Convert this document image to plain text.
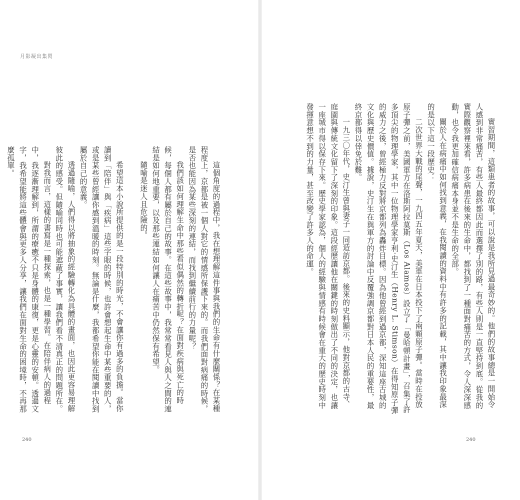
月影凝出集閃

實習期間，這類患者的故事，可以說是我所見過最奇妙的。他們的故事總是一開始令人感到非常痛苦，有些人最終都因此而選擇了別的路，有些人則是一直堅持到底。從我的實際觀察裡來看，許多病患在後來的生命中，都找到了一種面對痛苦的方式，令人深深感動，也令我更加確信病痛本身並不是生命的全部。

關於人在病痛中如何找到意義，在我閱讀的資料中有許多的記載，其中讓我印象最深的是以下這一段歷史：

二次世界大戰的尾聲，一九四五年夏天，美軍在日本投下了兩顆原子彈。當時在投放原子彈之前，美國軍方在洛斯阿拉莫斯（Los Alamos）設立了「曼哈頓計畫」，召集了許多頂尖的物理學家，其中一位物理學家亨利·史汀生（Henry L. Stimson）在得知原子彈的威力之後，曾經極力反對將京都列為轟炸目標。因為他曾經到過京都，深知這座古城的文化與歷史價值。據說，史汀生在與軍方的討論中反覆強調京都對日本人民的重要性，最終京都得以倖免於難。

一九三〇年代，史汀生曾與妻子一同造訪京都。後來的史料顯示，他對京都的古寺、庭園與傳統文化留下了深刻的印象。這段經歷讓他在關鍵的時刻做出了不同的決定，也讓一座城市得以保存下來。歷史學家認為，個人的經驗與情感有時候會在重大的歷史時刻中發揮意想不到的力量，甚至改變了許多人的命運。

這個角度的過程中，我在想理解這件事與我們的生命有什麼關係？在某種程度上，京都是被一個人對它的情感所保護下來的。而我們面對病痛的時候，是否也能因為某些深刻的連結，而找到繼續前行的力量呢？

我們該如何理解生命中那些看似偶然的轉折呢？在面對疾病與死亡的時候，每個人都有屬於自己的故事。在這些故事中，我常常看見人與人之間的連結是如何地重要，以及那些連結如何讓人在痛苦中仍然保有希望。

隨喻是迷人且危險的。

希望這本小說所提供的是一段特別的時光，不會讓你有過多的負擔。當你讀到「陪伴」與「疾病」這些字眼的時候，也許會想起生命中某些重要的人，或是某些曾經讓你感到溫暖的時刻。無論是什麼，我都希望你能在閱讀中找到屬於自己的意義。

透過隨喻，人們得以將抽象的經驗轉化為具體的畫面，也因此更容易理解彼此的感受。但隨喻同時也可能遮蔽了事實，讓我們看不清真正的問題所在。

對我而言，這樣的書寫是一種探索，也是一種學習。在陪伴病人的過程中，我逐漸理解到，所謂的療癒不只是身體的康復，更是心靈的安頓。透過文字，我希望能將這些體會與更多人分享，讓我們在面對生命的困境時，不再那麼孤單。

240	240
